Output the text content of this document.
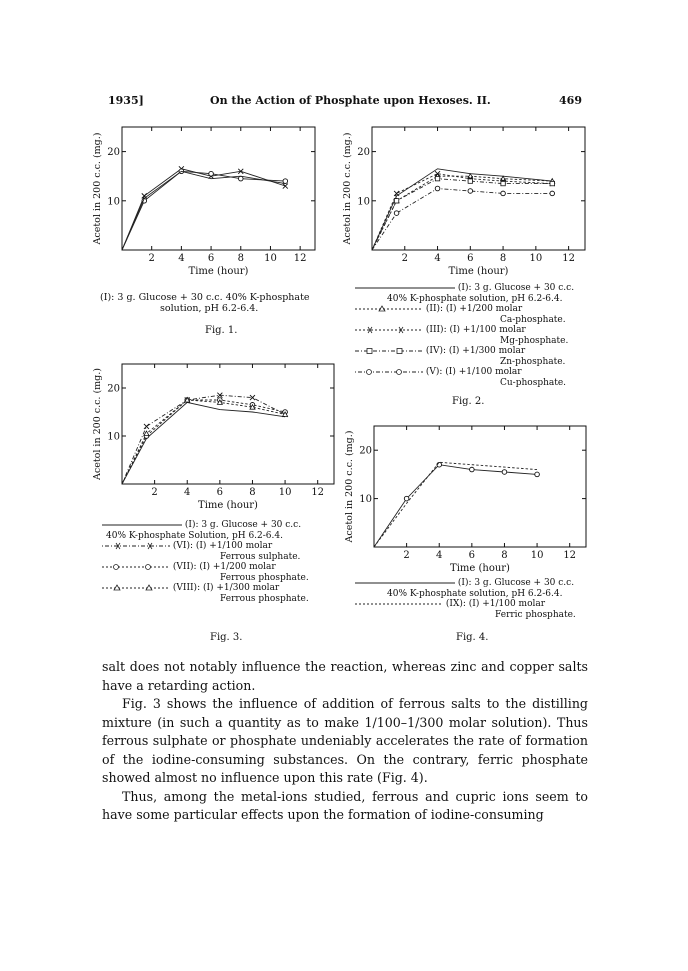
1935]	On the Action of Phosphate upon Hexoses. II.	469
2 4 6 8 10 12
10
20
Time (hour)
Acetol in 200 c.c. (mg.)
(I): 3 g. Glucose + 30 c.c. 40% K-phosphate
solution, pH 6.2-6.4.
Fig. 1.
2	4	6	8 10 12
10
20
Time (hour)
Acetol in 200 c.c. (mg.)
(I): 3 g. Glucose + 30 c.c.
40% K-phosphate solution, pH 6.2-6.4.
(II): (I) +1/200 molar
Ca-phosphate.
(III): (I) +1/100 molar
Mg-phosphate.
(IV): (I) +1/300 molar
Zn-phosphate.
(V): (I) +1/100 molar
Cu-phosphate.
Fig. 2.
2	4	6	8 10 12
10
20
Time (hour)
Acetol in 200 c.c. (mg.)
(I): 3 g. Glucose + 30 c.c.
40% K-phosphate Solution, pH 6.2-6.4.
(VI): (I) +1/100 molar
Ferrous sulphate.
(VII): (I) +1/200 molar
Ferrous phosphate.
(VIII): (I) +1/300 molar
Ferrous phosphate.
Fig. 3.
2	4	6	8 10 12
10
20
Time (hour)
Acetol in 200 c.c. (mg.)
(I): 3 g. Glucose + 30 c.c.
40% K-phosphate solution, pH 6.2-6.4.
(IX): (I) +1/100 molar
Ferric phosphate.
Fig. 4.

salt does not notably influence the reaction, whereas zinc and copper salts have a retarding action.

Fig. 3 shows the influence of addition of ferrous salts to the distilling mixture (in such a quantity as to make 1/100–1/300 molar solution). Thus ferrous sulphate or phosphate undeniably accelerates the rate of formation of the iodine-consuming substances. On the contrary, ferric phosphate showed almost no influence upon this rate (Fig. 4).

Thus, among the metal-ions studied, ferrous and cupric ions seem to have some particular effects upon the formation of iodine-consuming
